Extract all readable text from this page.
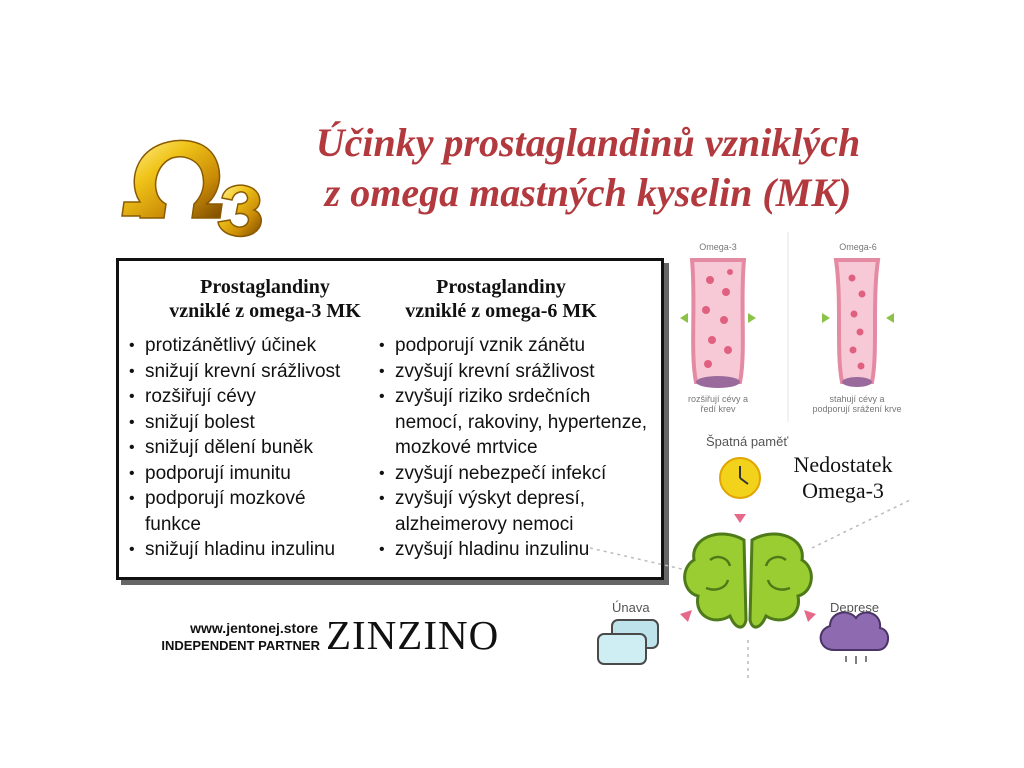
Účinky prostaglandinů vzniklých
z omega mastných kyselin (MK)
Prostaglandiny
vzniklé z omega-3 MK
• protizánětlivý účinek
• snižují krevní srážlivost
• rozšiřují cévy
• snižují bolest
• snižují dělení buněk
• podporují imunitu
• podporují mozkové funkce
• snižují hladinu inzulinu
Prostaglandiny
vzniklé z omega-6 MK
• podporují vznik zánětu
• zvyšují krevní srážlivost
• zvyšují riziko srdečních nemocí, rakoviny, hypertenze, mozkové mrtvice
• zvyšují nebezpečí infekcí
• zvyšují výskyt depresí, alzheimerovy nemoci
• zvyšují hladinu inzulinu
Omega-3	Omega-6
rozšiřují cévy a
ředí krev
stahují cévy a
podporují srážení krve
Špatná paměť
Nedostatek
Omega-3
Únava	Deprese
www.jentonej.store
INDEPENDENT PARTNER ZINZINO
